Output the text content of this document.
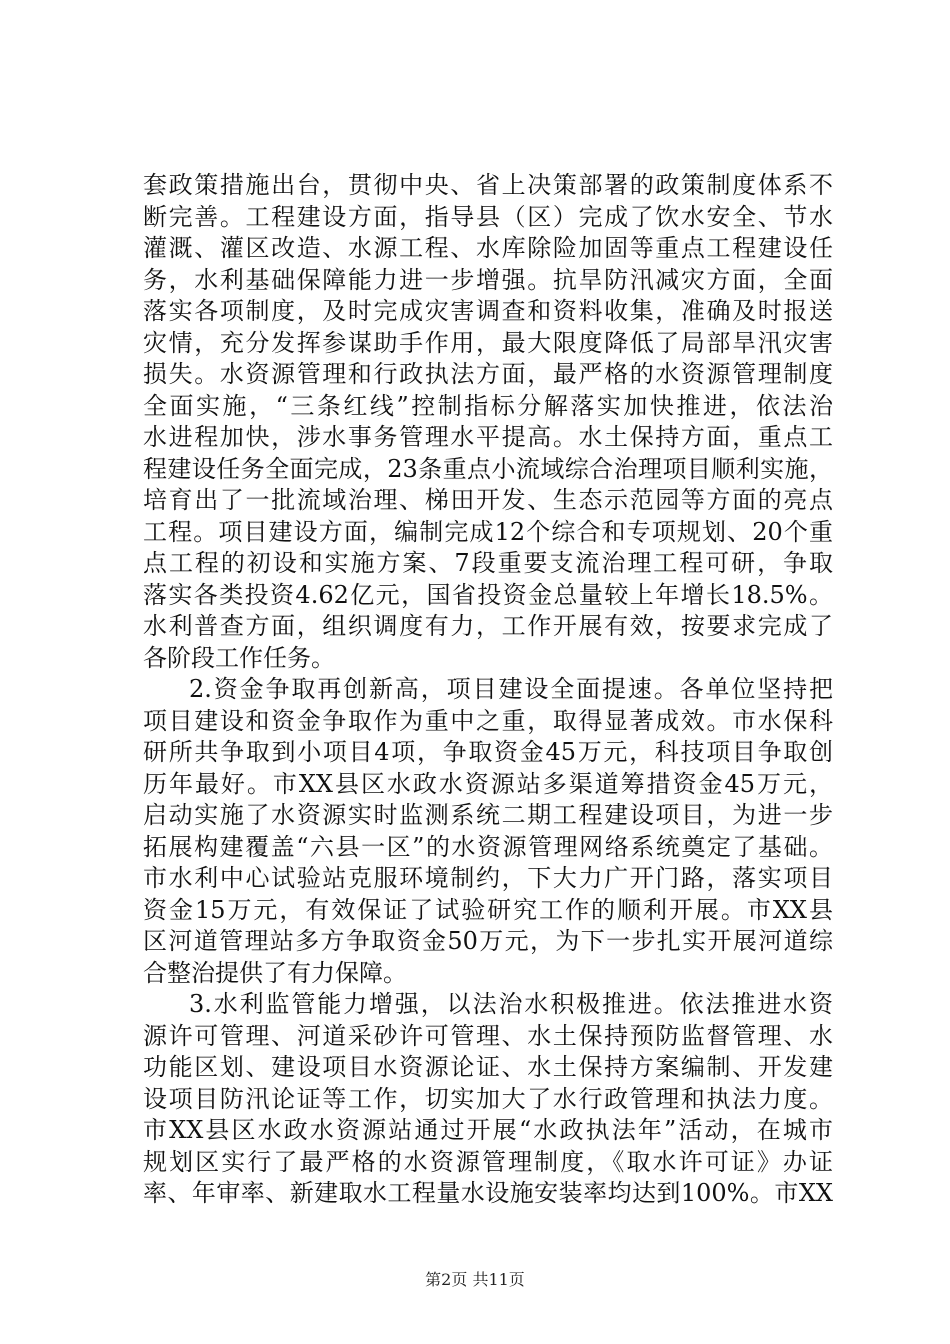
套政策措施出台，贯彻中央、省上决策部署的政策制度体系不
断完善。工程建设方面，指导县（区）完成了饮水安全、节水
灌溉、灌区改造、水源工程、水库除险加固等重点工程建设任
务，水利基础保障能力进一步增强。抗旱防汛减灾方面，全面
落实各项制度，及时完成灾害调查和资料收集，准确及时报送
灾情，充分发挥参谋助手作用，最大限度降低了局部旱汛灾害
损失。水资源管理和行政执法方面，最严格的水资源管理制度
全面实施，“三条红线”控制指标分解落实加快推进，依法治
水进程加快，涉水事务管理水平提高。水土保持方面，重点工
程建设任务全面完成，23条重点小流域综合治理项目顺利实施，
培育出了一批流域治理、梯田开发、生态示范园等方面的亮点
工程。项目建设方面，编制完成12个综合和专项规划、20个重
点工程的初设和实施方案、7段重要支流治理工程可研，争取
落实各类投资4.62亿元，国省投资金总量较上年增长18.5%。
水利普查方面，组织调度有力，工作开展有效，按要求完成了
各阶段工作任务。
2.资金争取再创新高，项目建设全面提速。各单位坚持把
项目建设和资金争取作为重中之重，取得显著成效。市水保科
研所共争取到小项目4项，争取资金45万元，科技项目争取创
历年最好。市XX县区水政水资源站多渠道筹措资金45万元，
启动实施了水资源实时监测系统二期工程建设项目，为进一步
拓展构建覆盖“六县一区”的水资源管理网络系统奠定了基础。
市水利中心试验站克服环境制约，下大力广开门路，落实项目
资金15万元，有效保证了试验研究工作的顺利开展。市XX县
区河道管理站多方争取资金50万元，为下一步扎实开展河道综
合整治提供了有力保障。
3.水利监管能力增强，以法治水积极推进。依法推进水资
源许可管理、河道采砂许可管理、水土保持预防监督管理、水
功能区划、建设项目水资源论证、水土保持方案编制、开发建
设项目防汛论证等工作，切实加大了水行政管理和执法力度。
市XX县区水政水资源站通过开展“水政执法年”活动，在城市
规划区实行了最严格的水资源管理制度，《取水许可证》办证
率、年审率、新建取水工程量水设施安装率均达到100%。市XX
第2页 共11页
